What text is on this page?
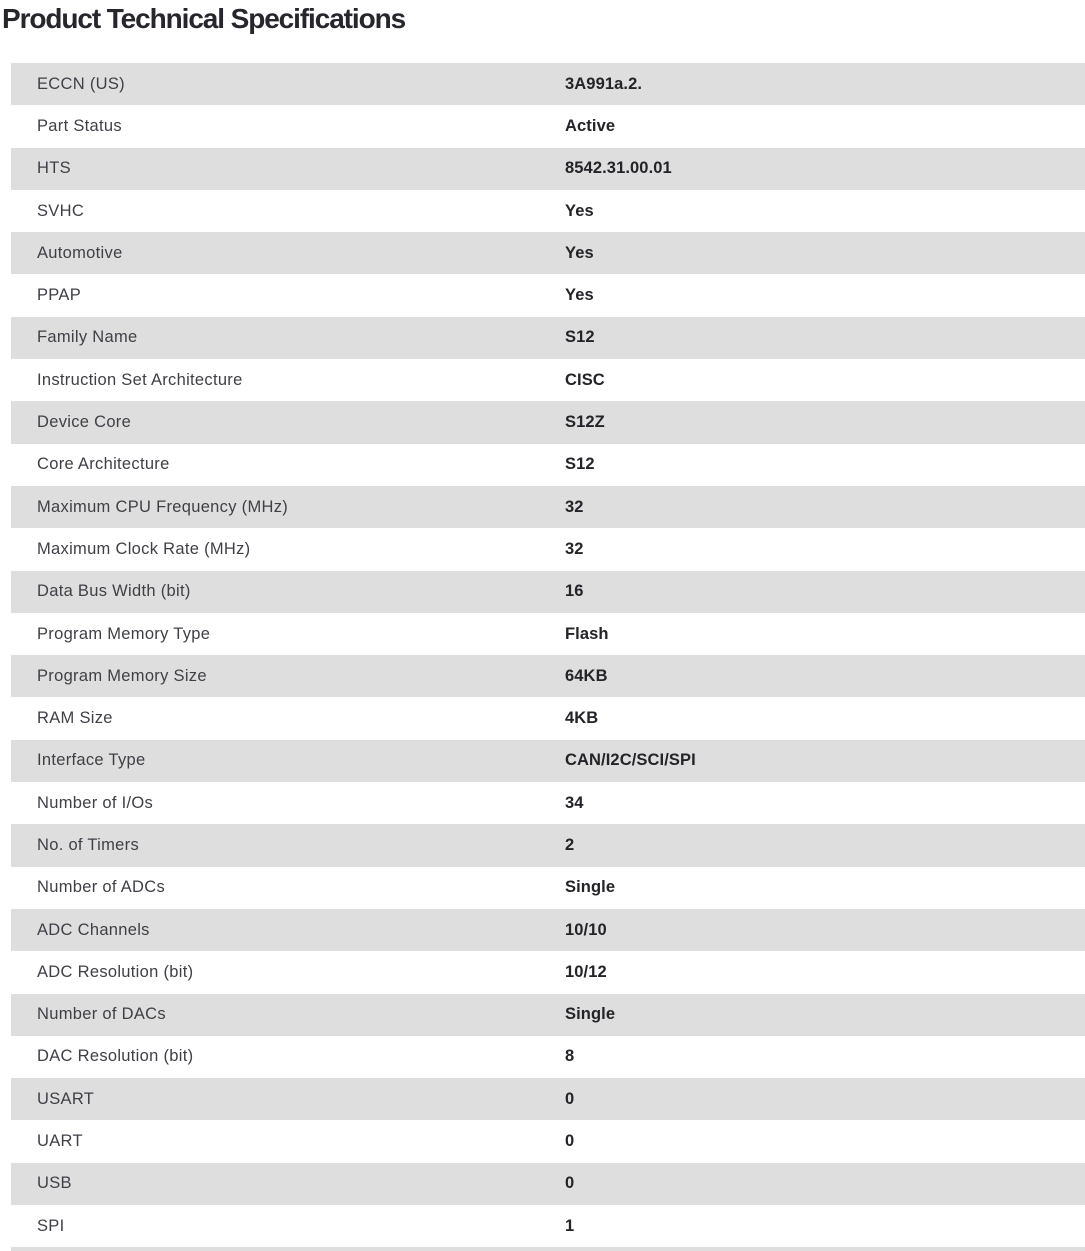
Product Technical Specifications
ECCN (US)	3A991a.2.
Part Status	Active
HTS	8542.31.00.01
SVHC	Yes
Automotive	Yes
PPAP	Yes
Family Name	S12
Instruction Set Architecture	CISC
Device Core	S12Z
Core Architecture	S12
Maximum CPU Frequency (MHz)	32
Maximum Clock Rate (MHz)	32
Data Bus Width (bit)	16
Program Memory Type	Flash
Program Memory Size	64KB
RAM Size	4KB
Interface Type	CAN/I2C/SCI/SPI
Number of I/Os	34
No. of Timers	2
Number of ADCs	Single
ADC Channels	10/10
ADC Resolution (bit)	10/12
Number of DACs	Single
DAC Resolution (bit)	8
USART	0
UART	0
USB	0
SPI	1
